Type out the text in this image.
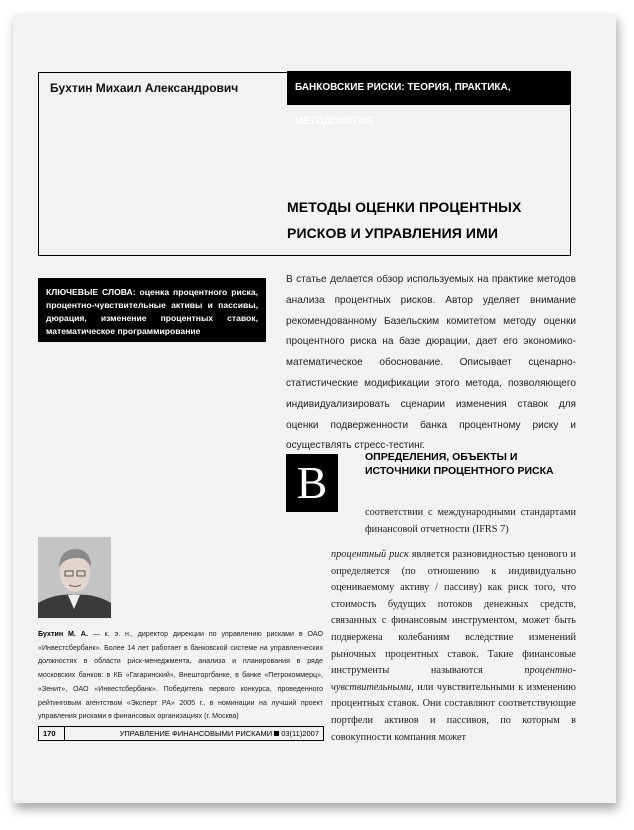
Бухтин Михаил Александрович	БАНКОВСКИЕ РИСКИ: ТЕОРИЯ, ПРАКТИКА, МЕТОДОЛОГИЯ
МЕТОДЫ ОЦЕНКИ ПРОЦЕНТНЫХ
РИСКОВ И УПРАВЛЕНИЯ ИМИ
КЛЮЧЕВЫЕ СЛОВА: оценка процентного риска, процентно-чувствительные активы и пассивы, дюрация, изменение процентных ставок, математическое программирование
В статье делается обзор используемых на практике методов анализа процентных рисков. Автор уделяет внимание рекомендованному Базельским комитетом методу оценки процентного риска на базе дюрации, дает его экономико-математическое обоснование. Описывает сценарно-статистические модификации этого метода, позволяющего индивидуализировать сценарии изменения ставок для оценки подверженности банка процентному риску и осуществлять стресс-тестинг.
В	ОПРЕДЕЛЕНИЯ, ОБЪЕКТЫ И
ИСТОЧНИКИ ПРОЦЕНТНОГО РИСКА
соответствии с международными стандартами финансовой отчетности (IFRS 7)
процентный риск является разновидностью ценового и определяется (по отношению к индивидуально оцениваемому активу / пассиву) как риск того, что стоимость будущих потоков денежных средств, связанных с финансовым инструментом, может быть подвержена колебаниям вследствие изменений рыночных процентных ставок. Такие финансовые инструменты называются	процентно-чувствительными, или чувствительными к изменению процентных ставок. Они составляют соответствующие портфели активов и пассивов, по которым в совокупности компания может
Бухтин М. А. — к. э. н., директор дирекции по управлению рисками в ОАО «Инвестсбербанк». Более 14 лет работает в банковской системе на управленческих должностях в области риск-менеджмента, анализа и планирования в ряде московских банков: в КБ «Гагаринский», Внешторгбанке, в банке «Петрокоммерц», «Зенит», ОАО «Инвестсбербанк». Победитель первого конкурса, проведенного рейтинговым агентством «Эксперт РА» 2005 г., в номинации на лучший проект управления рисками в финансовых организациях (г. Москва)
170	УПРАВЛЕНИЕ ФИНАНСОВЫМИ РИСКАМИ 03(11)2007
